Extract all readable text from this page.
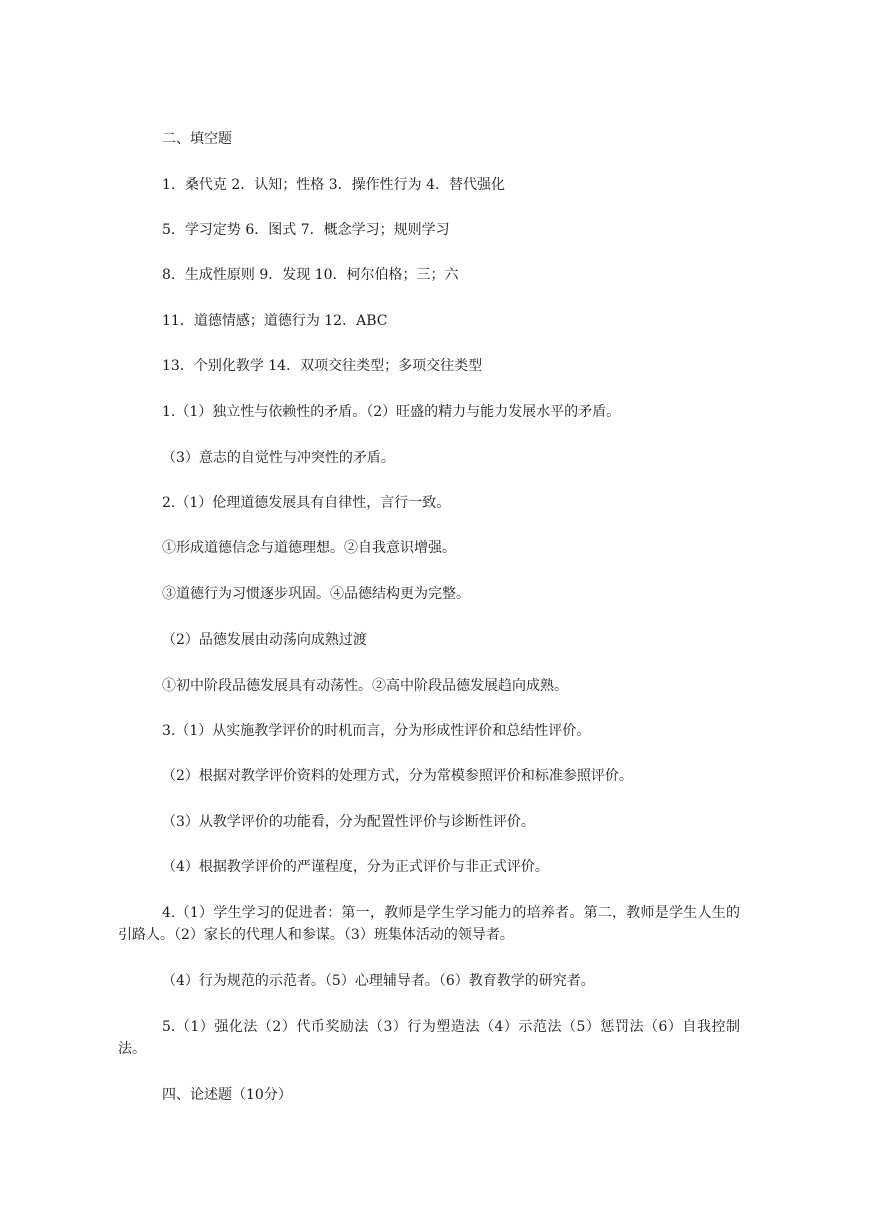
二、填空题
1．桑代克 2．认知；性格 3．操作性行为 4．替代强化
5．学习定势 6．图式 7．概念学习；规则学习
8．生成性原则 9．发现 10．柯尔伯格；三；六
11．道德情感；道德行为 12．ABC
13．个别化教学 14．双项交往类型；多项交往类型
1.（1）独立性与依赖性的矛盾。（2）旺盛的精力与能力发展水平的矛盾。
（3）意志的自觉性与冲突性的矛盾。
2.（1）伦理道德发展具有自律性，言行一致。
①形成道德信念与道德理想。②自我意识增强。
③道德行为习惯逐步巩固。④品德结构更为完整。
（2）品德发展由动荡向成熟过渡
①初中阶段品德发展具有动荡性。②高中阶段品德发展趋向成熟。
3.（1）从实施教学评价的时机而言，分为形成性评价和总结性评价。
（2）根据对教学评价资料的处理方式，分为常模参照评价和标准参照评价。
（3）从教学评价的功能看，分为配置性评价与诊断性评价。
（4）根据教学评价的严谨程度，分为正式评价与非正式评价。
4.（1）学生学习的促进者：第一，教师是学生学习能力的培养者。第二，教师是学生人生的引路人。（2）家长的代理人和参谋。（3）班集体活动的领导者。
（4）行为规范的示范者。（5）心理辅导者。（6）教育教学的研究者。
5.（1）强化法（2）代币奖励法（3）行为塑造法（4）示范法（5）惩罚法（6）自我控制法。
四、论述题（10分）
